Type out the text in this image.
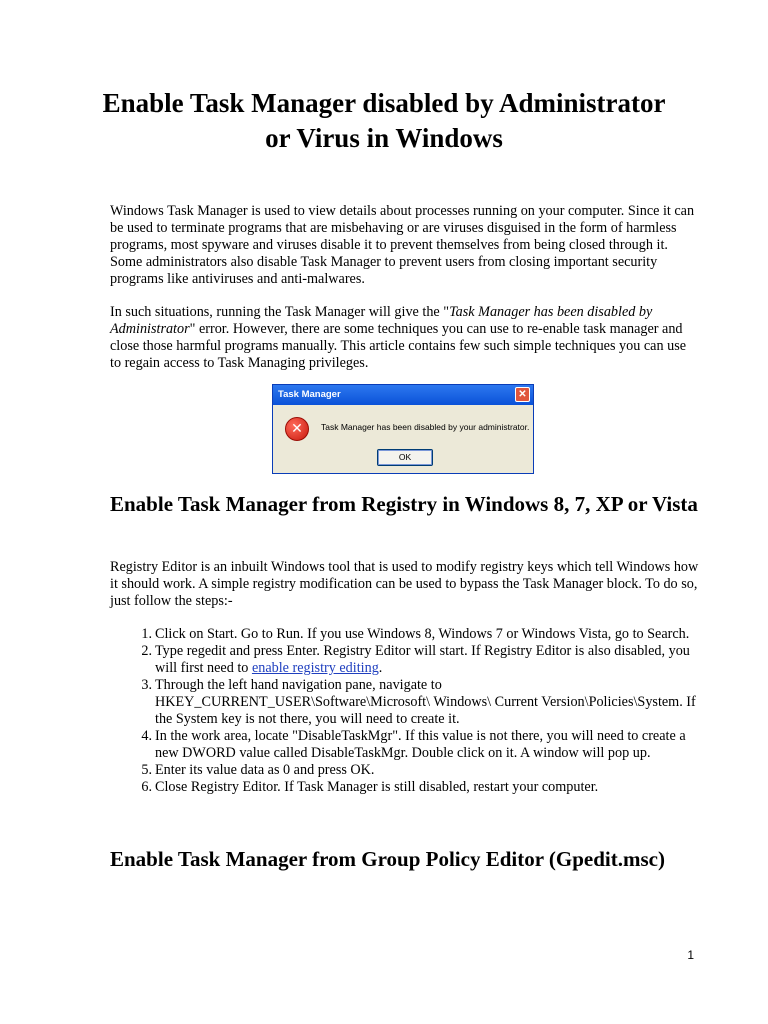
Enable Task Manager disabled by Administrator or Virus in Windows

Windows Task Manager is used to view details about processes running on your computer. Since it can be used to terminate programs that are misbehaving or are viruses disguised in the form of harmless programs, most spyware and viruses disable it to prevent themselves from being closed through it. Some administrators also disable Task Manager to prevent users from closing important security programs like antiviruses and anti-malwares.

In such situations, running the Task Manager will give the "Task Manager has been disabled by Administrator" error. However, there are some techniques you can use to re-enable task manager and close those harmful programs manually. This article contains few such simple techniques you can use to regain access to Task Managing privileges.

Task Manager	✕
✕	Task Manager has been disabled by your administrator.
OK
Enable Task Manager from Registry in Windows 8, 7, XP or Vista

Registry Editor is an inbuilt Windows tool that is used to modify registry keys which tell Windows how it should work. A simple registry modification can be used to bypass the Task Manager block. To do so, just follow the steps:-

1. Click on Start. Go to Run. If you use Windows 8, Windows 7 or Windows Vista, go to Search.
2. Type regedit and press Enter. Registry Editor will start. If Registry Editor is also disabled, you will first need to enable registry editing.
3. Through the left hand navigation pane, navigate to HKEY_CURRENT_USER\Software\Microsoft\ Windows\ Current Version\Policies\System. If the System key is not there, you will need to create it.
4. In the work area, locate "DisableTaskMgr". If this value is not there, you will need to create a new DWORD value called DisableTaskMgr. Double click on it. A window will pop up.
5. Enter its value data as 0 and press OK.
6. Close Registry Editor. If Task Manager is still disabled, restart your computer.
Enable Task Manager from Group Policy Editor (Gpedit.msc)
1
